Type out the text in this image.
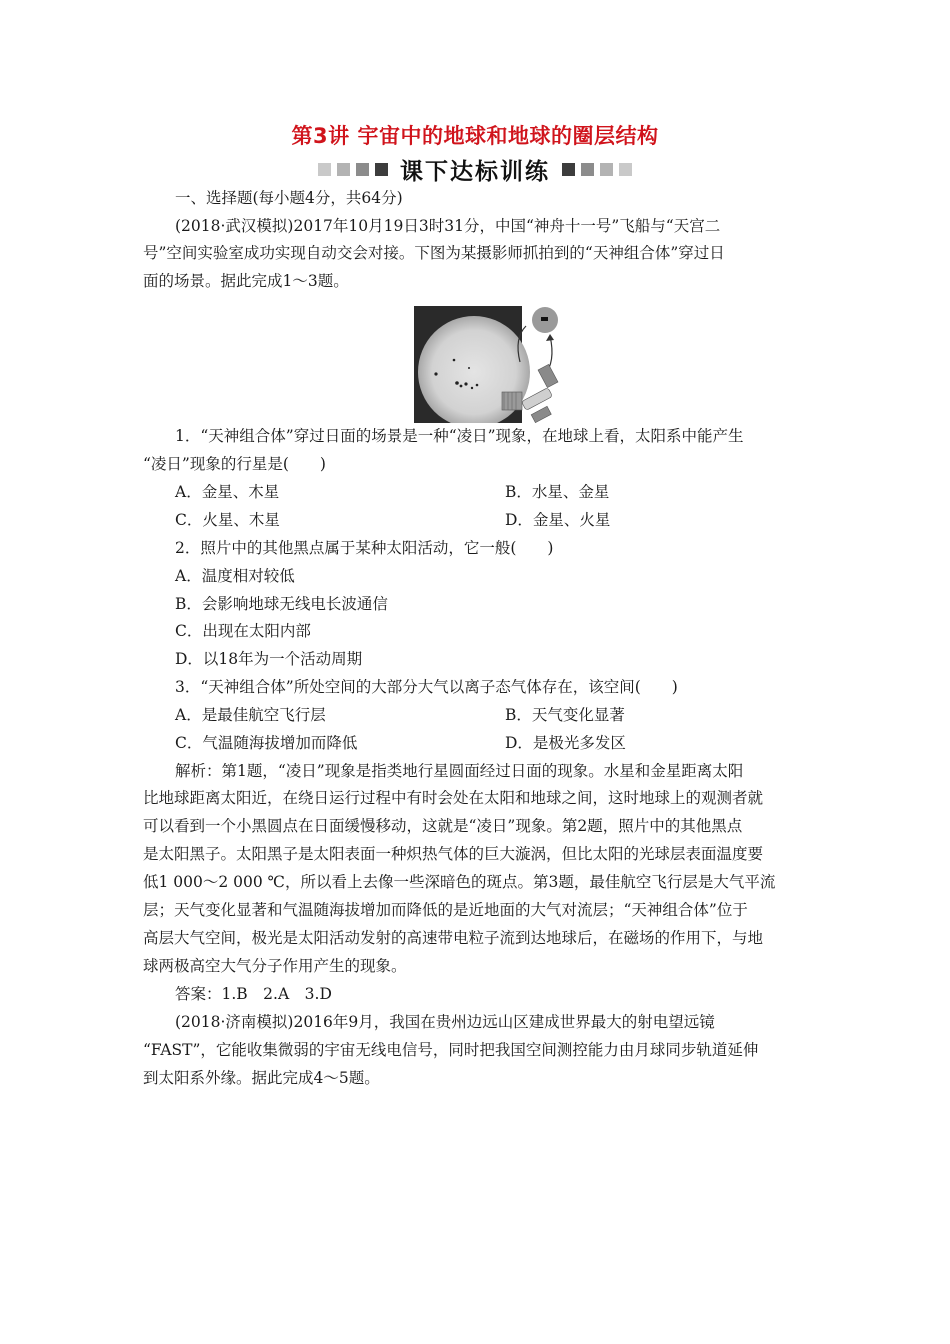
第3讲 宇宙中的地球和地球的圈层结构
课下达标训练
一、选择题(每小题4分，共64分)
(2018·武汉模拟)2017年10月19日3时31分，中国“神舟十一号”飞船与“天宫二
号”空间实验室成功实现自动交会对接。下图为某摄影师抓拍到的“天神组合体”穿过日
面的场景。据此完成1～3题。
1．“天神组合体”穿过日面的场景是一种“凌日”现象，在地球上看，太阳系中能产生
“凌日”现象的行星是(　　)
A．金星、木星	B．水星、金星
C．火星、木星	D．金星、火星
2．照片中的其他黑点属于某种太阳活动，它一般(　　)
A．温度相对较低
B．会影响地球无线电长波通信
C．出现在太阳内部
D．以18年为一个活动周期
3．“天神组合体”所处空间的大部分大气以离子态气体存在，该空间(　　)
A．是最佳航空飞行层	B．天气变化显著
C．气温随海拔增加而降低	D．是极光多发区
解析：第1题，“凌日”现象是指类地行星圆面经过日面的现象。水星和金星距离太阳
比地球距离太阳近，在绕日运行过程中有时会处在太阳和地球之间，这时地球上的观测者就
可以看到一个小黑圆点在日面缓慢移动，这就是“凌日”现象。第2题，照片中的其他黑点
是太阳黑子。太阳黑子是太阳表面一种炽热气体的巨大漩涡，但比太阳的光球层表面温度要
低1 000～2 000 ℃，所以看上去像一些深暗色的斑点。第3题，最佳航空飞行层是大气平流
层；天气变化显著和气温随海拔增加而降低的是近地面的大气对流层；“天神组合体”位于
高层大气空间，极光是太阳活动发射的高速带电粒子流到达地球后，在磁场的作用下，与地
球两极高空大气分子作用产生的现象。
答案：1.B　2.A　3.D
(2018·济南模拟)2016年9月，我国在贵州边远山区建成世界最大的射电望远镜
“FAST”，它能收集微弱的宇宙无线电信号，同时把我国空间测控能力由月球同步轨道延伸
到太阳系外缘。据此完成4～5题。
